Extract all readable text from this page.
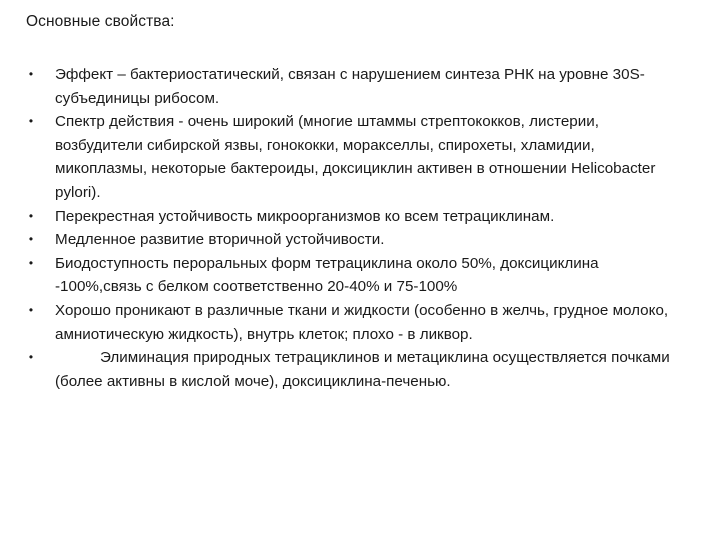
Основные свойства:
•	Эффект – бактериостатический, связан с нарушением синтеза РНК на уровне 30S-субъединицы рибосом.
•	Спектр действия - очень широкий (многие штаммы стрептококков, листерии, возбудители сибирской язвы, гонококки, моракселлы, спирохеты, хламидии, микоплазмы, некоторые бактероиды, доксициклин активен в отношении Helicobacter pylori).
•	Перекрестная устойчивость микроорганизмов ко всем тетрациклинам.
•	Медленное развитие вторичной устойчивости.
•	Биодоступность пероральных форм тетрациклина около 50%, доксициклина -100%,связь с белком соответственно 20-40% и 75-100%
•	Хорошо проникают в различные ткани и жидкости (особенно в желчь, грудное молоко, амниотическую жидкость), внутрь клеток; плохо - в ликвор.
•	Элиминация природных тетрациклинов и метациклина осуществляется почками (более активны в кислой моче), доксициклина-печенью.
